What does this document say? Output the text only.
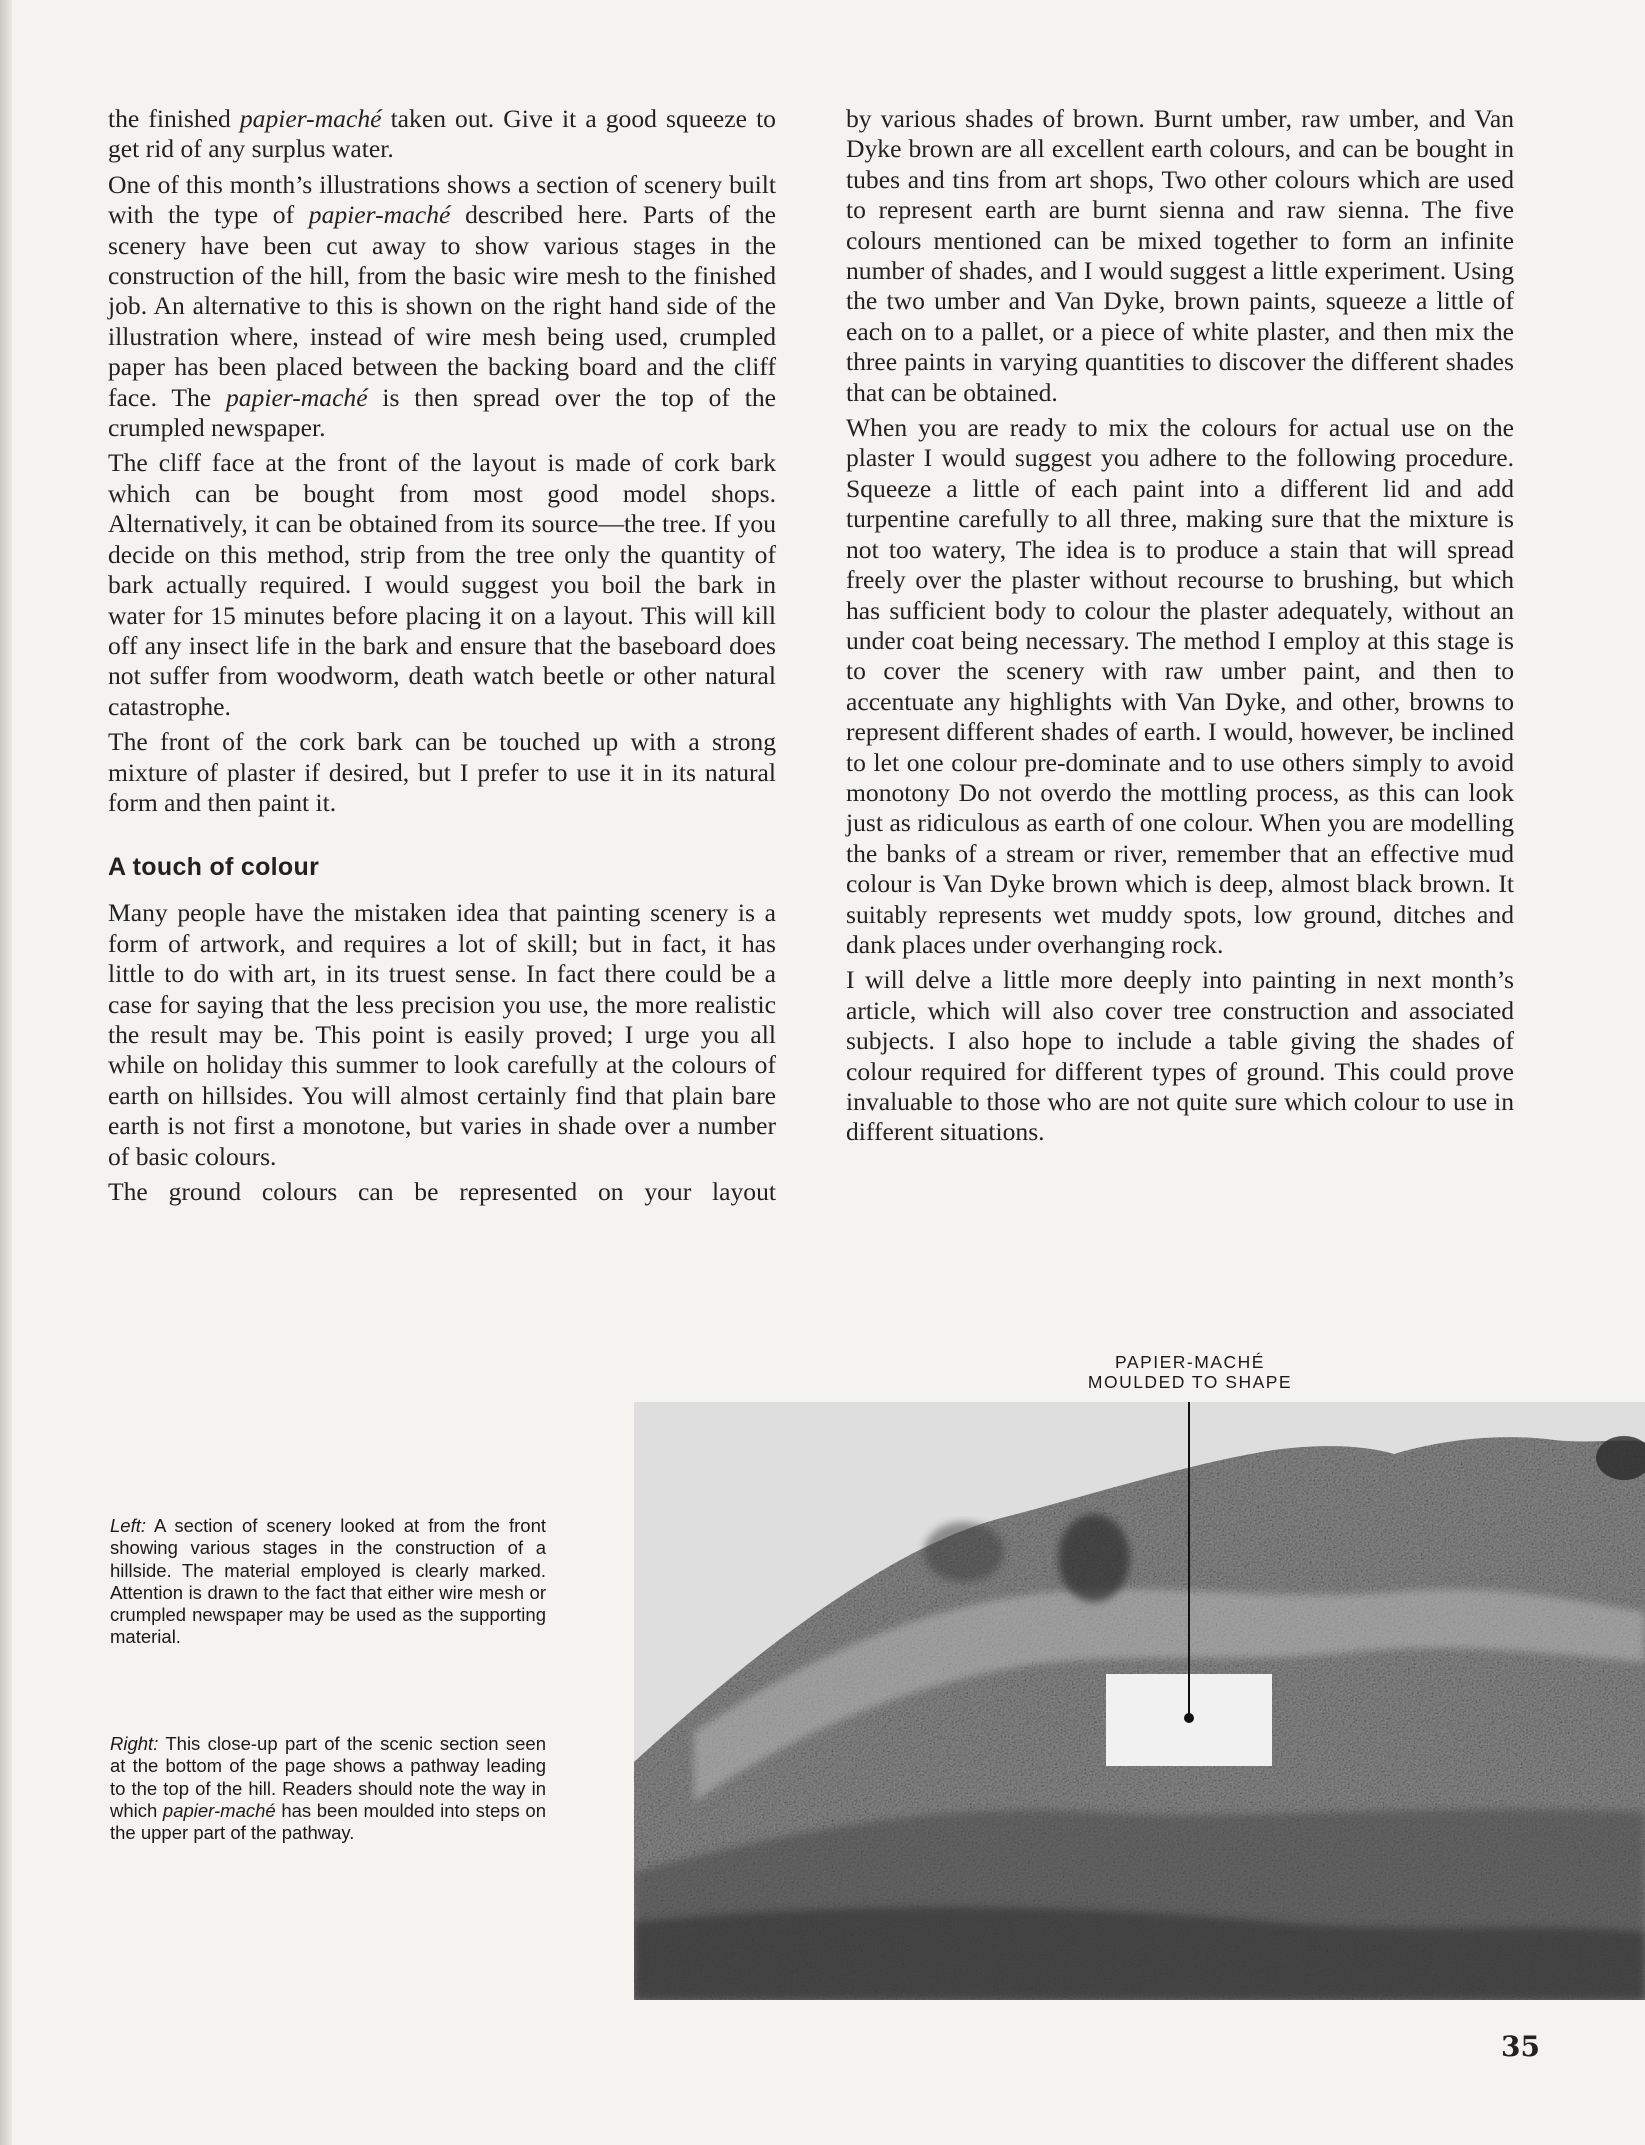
the finished papier-maché taken out. Give it a good squeeze to get rid of any surplus water.

One of this month’s illustrations shows a section of scenery built with the type of papier-maché described here. Parts of the scenery have been cut away to show various stages in the construction of the hill, from the basic wire mesh to the finished job. An alternative to this is shown on the right hand side of the illustration where, instead of wire mesh being used, crumpled paper has been placed between the backing board and the cliff face. The papier-maché is then spread over the top of the crumpled newspaper.

The cliff face at the front of the layout is made of cork bark which can be bought from most good model shops. Alternatively, it can be obtained from its source—the tree. If you decide on this method, strip from the tree only the quantity of bark actually required. I would suggest you boil the bark in water for 15 minutes before placing it on a layout. This will kill off any insect life in the bark and ensure that the baseboard does not suffer from woodworm, death watch beetle or other natural catastrophe.

The front of the cork bark can be touched up with a strong mixture of plaster if desired, but I prefer to use it in its natural form and then paint it.

A touch of colour

Many people have the mistaken idea that painting scenery is a form of artwork, and requires a lot of skill; but in fact, it has little to do with art, in its truest sense. In fact there could be a case for saying that the less precision you use, the more realistic the result may be. This point is easily proved; I urge you all while on holiday this summer to look carefully at the colours of earth on hillsides. You will almost certainly find that plain bare earth is not first a monotone, but varies in shade over a number of basic colours.

The ground colours can be represented on your layout

by various shades of brown. Burnt umber, raw umber, and Van Dyke brown are all excellent earth colours, and can be bought in tubes and tins from art shops, Two other colours which are used to represent earth are burnt sienna and raw sienna. The five colours mentioned can be mixed together to form an infinite number of shades, and I would suggest a little experiment. Using the two umber and Van Dyke, brown paints, squeeze a little of each on to a pallet, or a piece of white plaster, and then mix the three paints in varying quantities to discover the different shades that can be obtained.

When you are ready to mix the colours for actual use on the plaster I would suggest you adhere to the following procedure. Squeeze a little of each paint into a different lid and add turpentine carefully to all three, making sure that the mixture is not too watery, The idea is to produce a stain that will spread freely over the plaster without recourse to brushing, but which has sufficient body to colour the plaster adequately, without an under coat being necessary. The method I employ at this stage is to cover the scenery with raw umber paint, and then to accentuate any highlights with Van Dyke, and other, browns to represent different shades of earth. I would, however, be inclined to let one colour pre-dominate and to use others simply to avoid monotony Do not overdo the mottling process, as this can look just as ridiculous as earth of one colour. When you are modelling the banks of a stream or river, remember that an effective mud colour is Van Dyke brown which is deep, almost black brown. It suitably represents wet muddy spots, low ground, ditches and dank places under overhanging rock.

I will delve a little more deeply into painting in next month’s article, which will also cover tree construction and associated subjects. I also hope to include a table giving the shades of colour required for different types of ground. This could prove invaluable to those who are not quite sure which colour to use in different situations.

Left: A section of scenery looked at from the front showing various stages in the construction of a hillside. The material employed is clearly marked. Attention is drawn to the fact that either wire mesh or crumpled newspaper may be used as the supporting material.

Right: This close-up part of the scenic section seen at the bottom of the page shows a pathway leading to the top of the hill. Readers should note the way in which papier-maché has been moulded into steps on the upper part of the pathway.

PAPIER-MACHÉ
MOULDED TO SHAPE
35
